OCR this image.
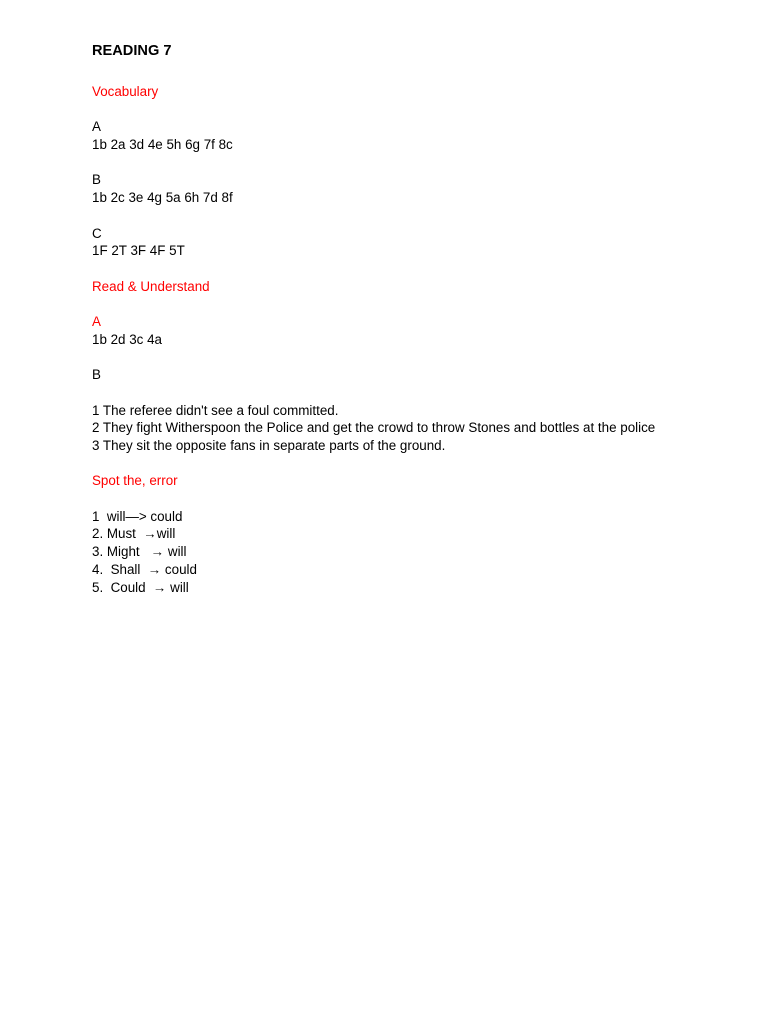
READING 7
Vocabulary
A
1b 2a 3d 4e 5h 6g 7f 8c
B
1b 2c 3e 4g 5a 6h 7d 8f
C
1F 2T 3F 4F 5T
Read & Understand
A
1b 2d 3c 4a
B
1 The referee didn't see a foul committed.
2 They fight Witherspoon the Police and get the crowd to throw Stones and bottles at the police
3 They sit the opposite fans in separate parts of the ground.
Spot the, error
1  will—> could
2. Must  →will
3. Might   → will
4.  Shall  → could
5.  Could  → will
